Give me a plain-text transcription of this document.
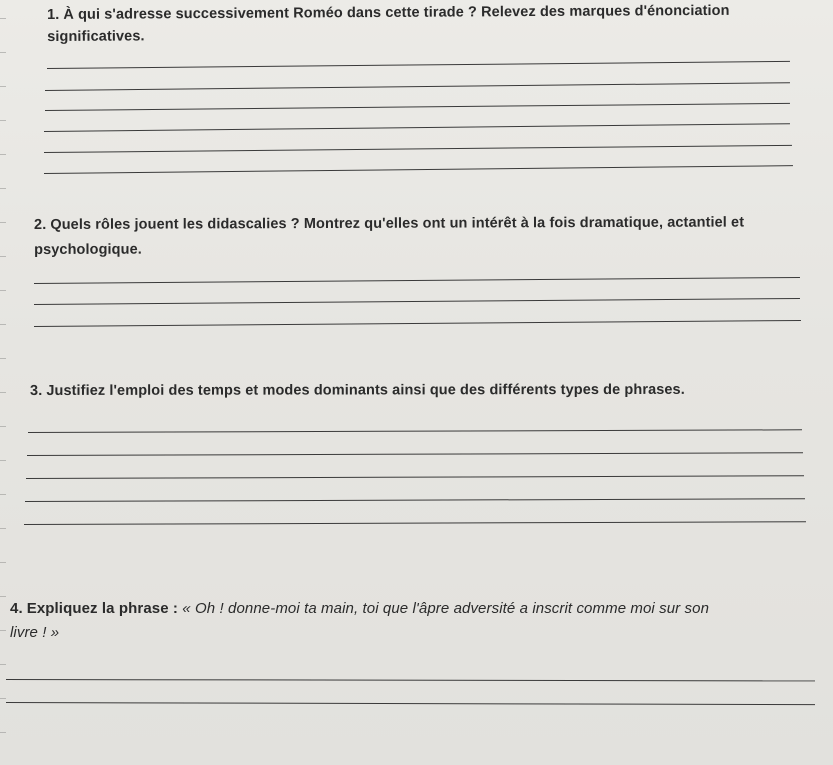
1. À qui s'adresse successivement Roméo dans cette tirade ? Relevez des marques d'énonciation
significatives.
2. Quels rôles jouent les didascalies ? Montrez qu'elles ont un intérêt à la fois dramatique, actantiel et
psychologique.
3. Justifiez l'emploi des temps et modes dominants ainsi que des différents types de phrases.
4. Expliquez la phrase : « Oh ! donne-moi ta main, toi que l'âpre adversité a inscrit comme moi sur son
livre ! »
